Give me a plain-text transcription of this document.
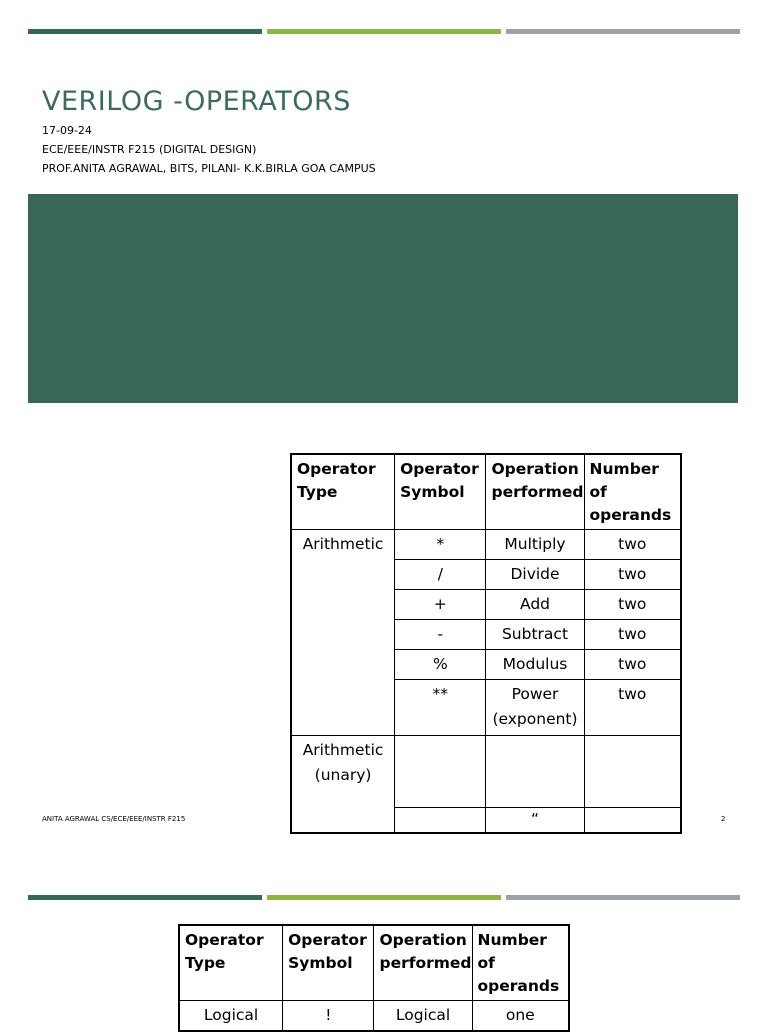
VERILOG -OPERATORS
17-09-24
ECE/EEE/INSTR F215 (DIGITAL DESIGN)
PROF.ANITA AGRAWAL, BITS, PILANI- K.K.BIRLA GOA CAMPUS
Operator Type	Operator Symbol	Operation performed	Number of operands
Arithmetic	*	Multiply	two
	/	Divide	two
	+	Add	two
	-	Subtract	two
	%	Modulus	two
	**	Power (exponent)	two
Arithmetic (unary)			
		“	
ANITA AGRAWAL CS/ECE/EEE/INSTR F215	2
Operator Type	Operator Symbol	Operation performed	Number of operands
Logical	!	Logical	one
